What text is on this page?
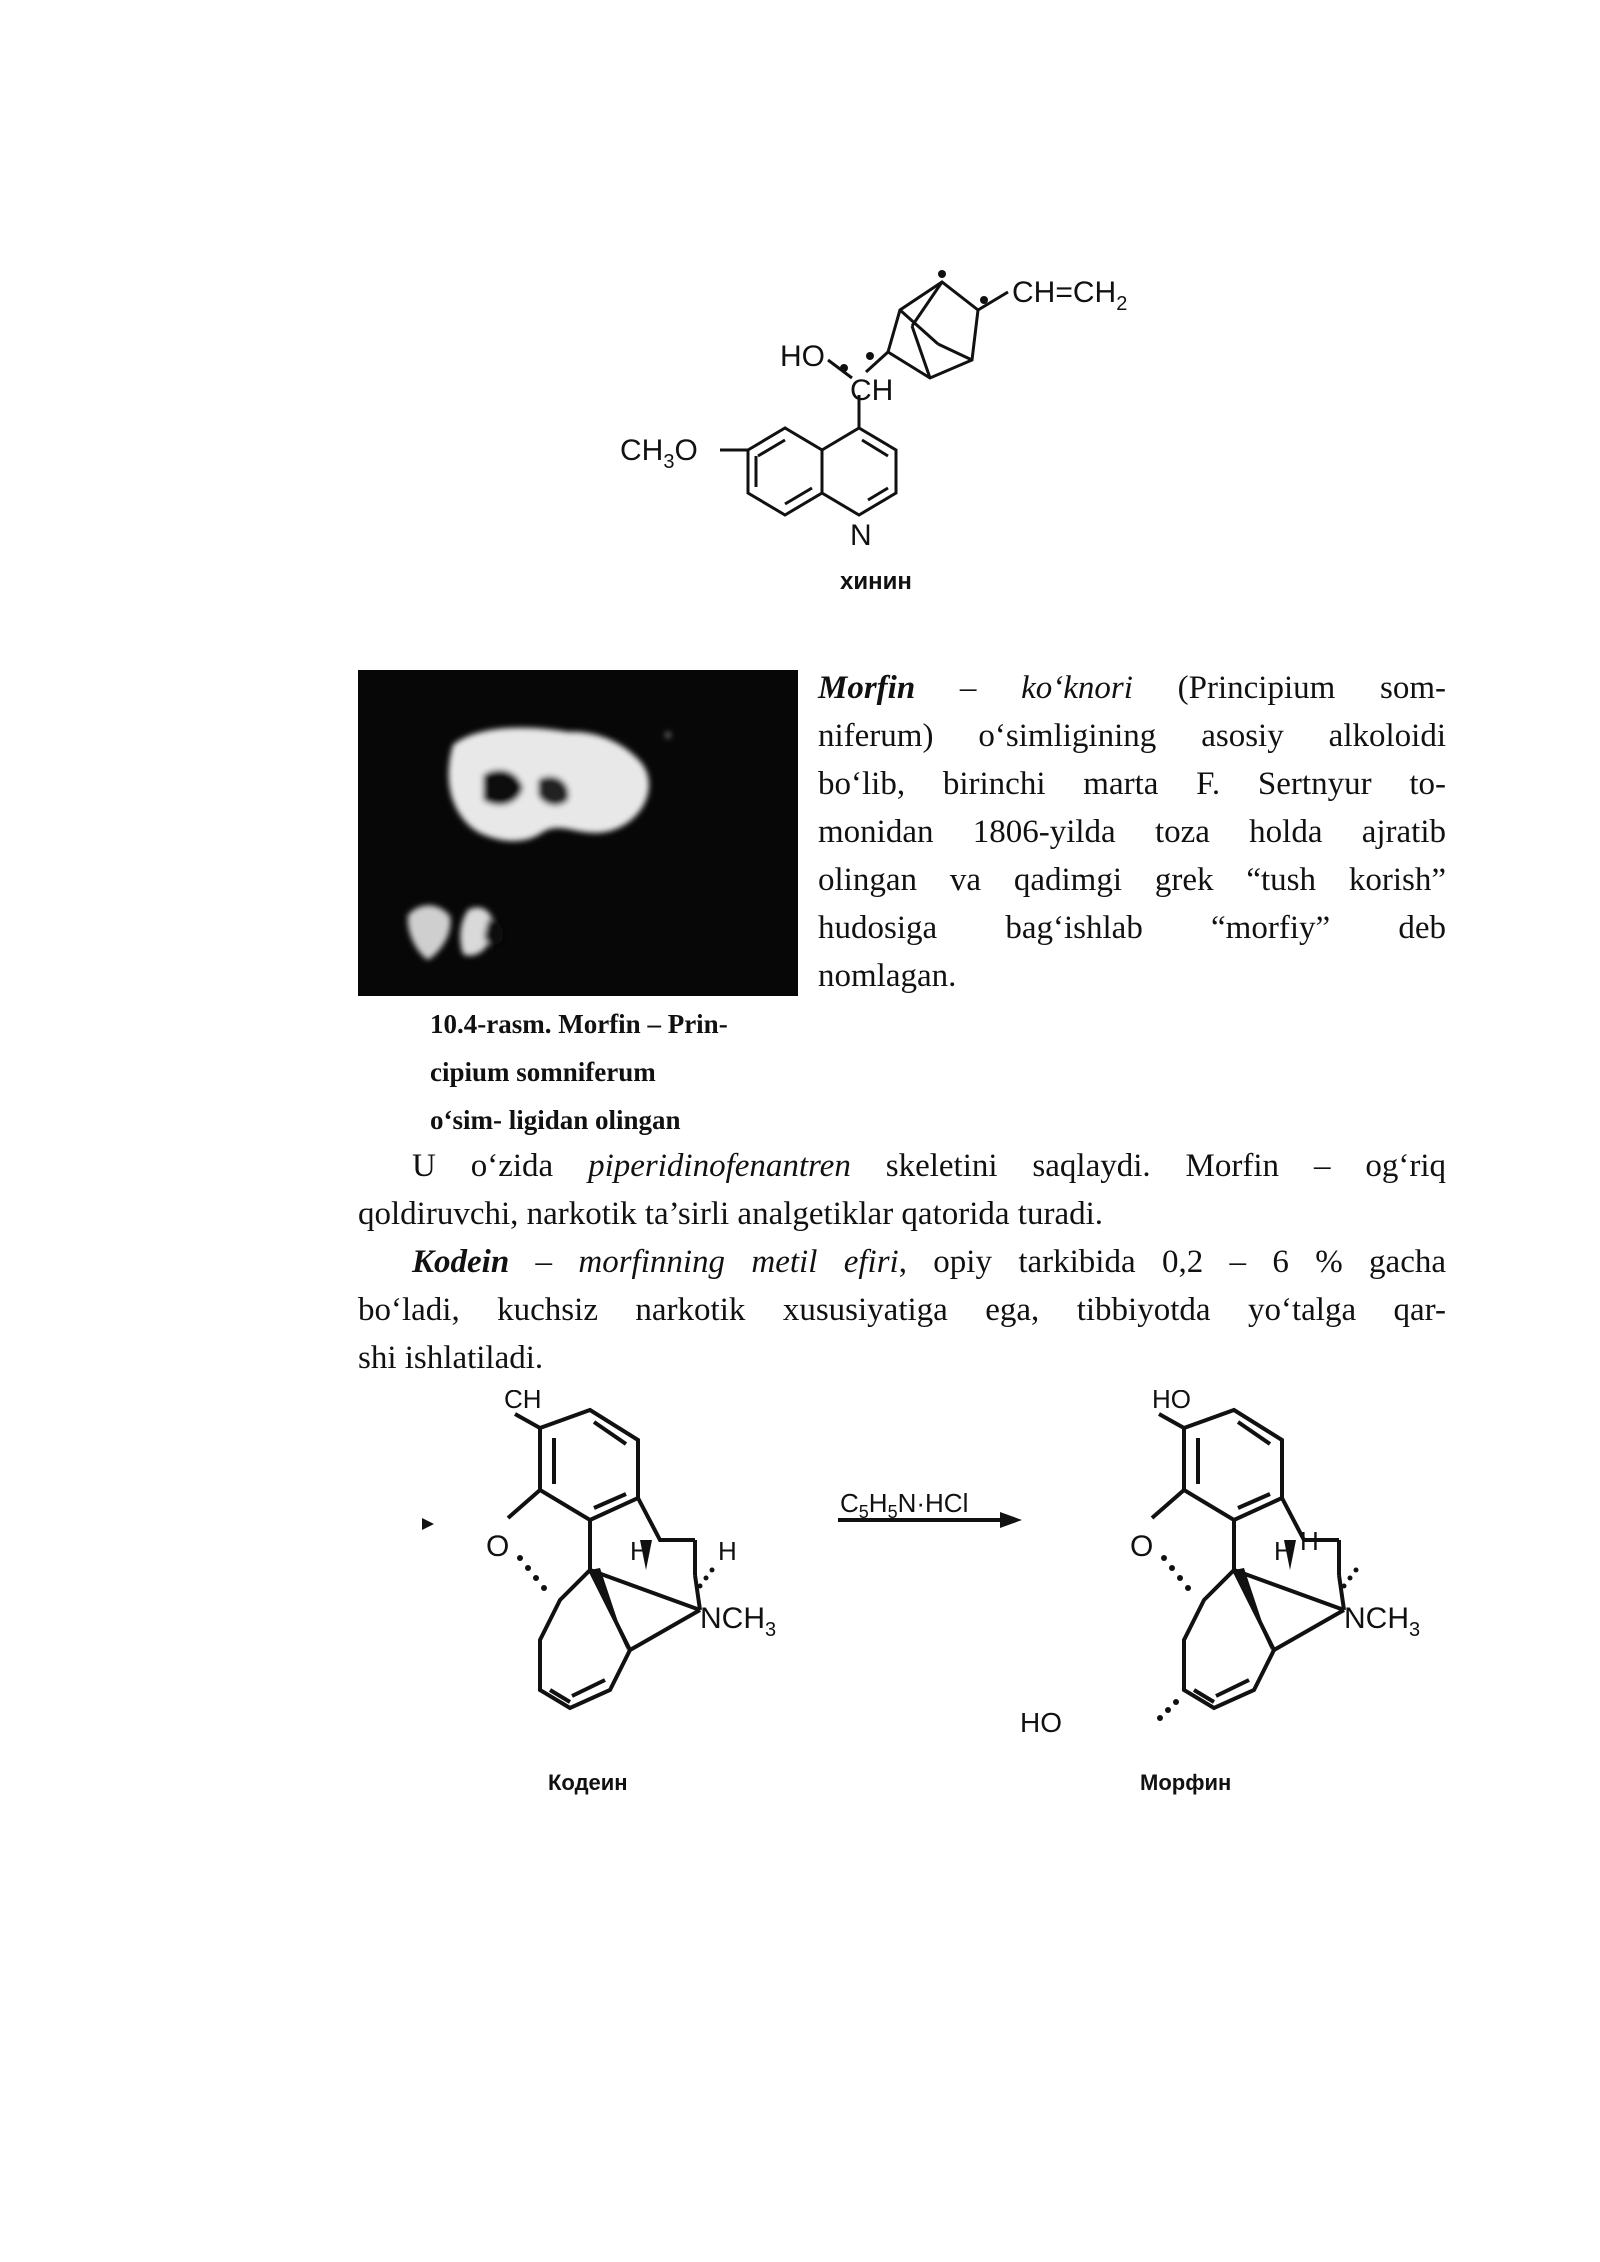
$CH=CH_2$
HO
CH
$CH_3O$
N
хинин
10.4-rasm. Morfin – Prin-
cipium somniferum
o‘sim- ligidan olingan
Morfin – ko‘knori (Principium som-
niferum) o‘simligining asosiy alkoloidi
bo‘lib, birinchi marta F. Sertnyur to-
monidan 1806-yilda toza holda ajratib
olingan va qadimgi grek “tush korish”
hudosiga bag‘ishlab “morfiy” deb
nomlagan.
U o‘zida piperidinofenantren skeletini saqlaydi. Morfin – og‘riq
qoldiruvchi, narkotik ta’sirli analgetiklar qatorida turadi.
Kodein – morfinning metil efiri, opiy tarkibida 0,2 – 6 % gacha
bo‘ladi, kuchsiz narkotik xususiyatiga ega, tibbiyotda yo‘talga qar-
shi ishlatiladi.
CH
O	H	H
$NCH_3$
$C_5H_5N\cdot HCl$
HO
O	H H
$NCH_3$
HO
Кодеин	Морфин
